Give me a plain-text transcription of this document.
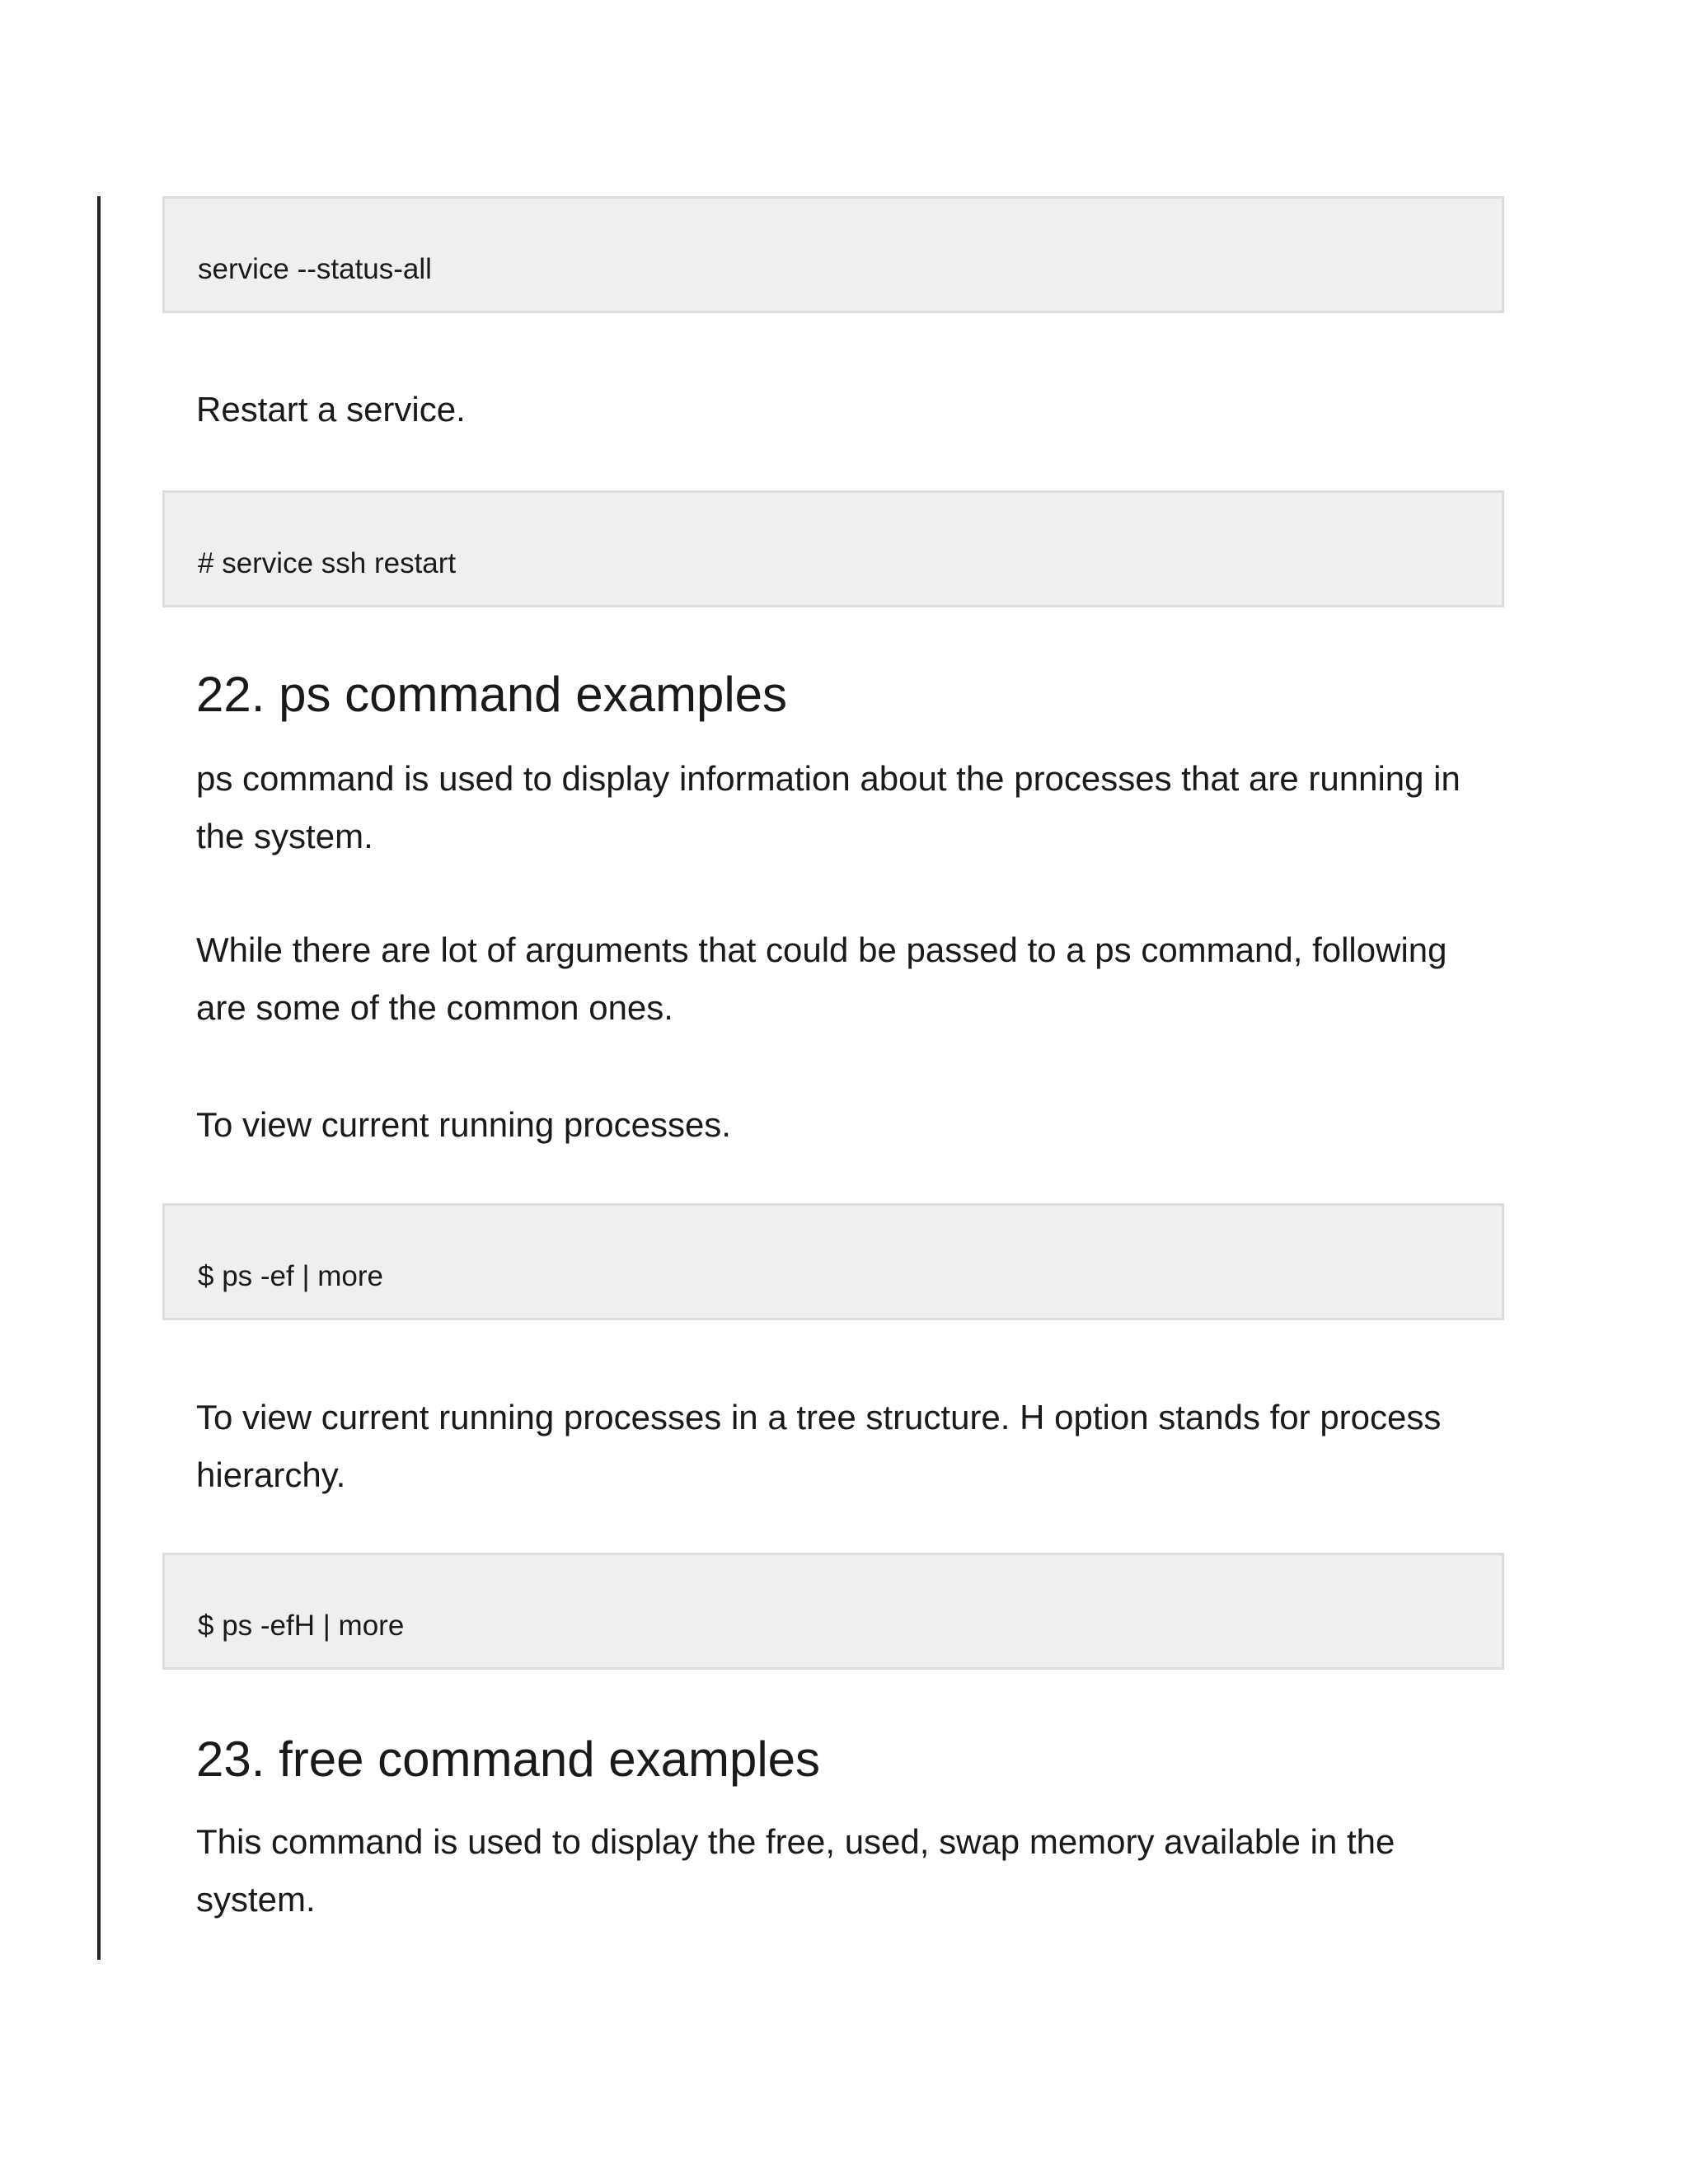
service --status-all

Restart a service.

# service ssh restart
22. ps command examples

ps command is used to display information about the processes that are running in the system.

While there are lot of arguments that could be passed to a ps command, following are some of the common ones.

To view current running processes.

$ ps -ef | more

To view current running processes in a tree structure. H option stands for process hierarchy.

$ ps -efH | more
23. free command examples

This command is used to display the free, used, swap memory available in the system.
